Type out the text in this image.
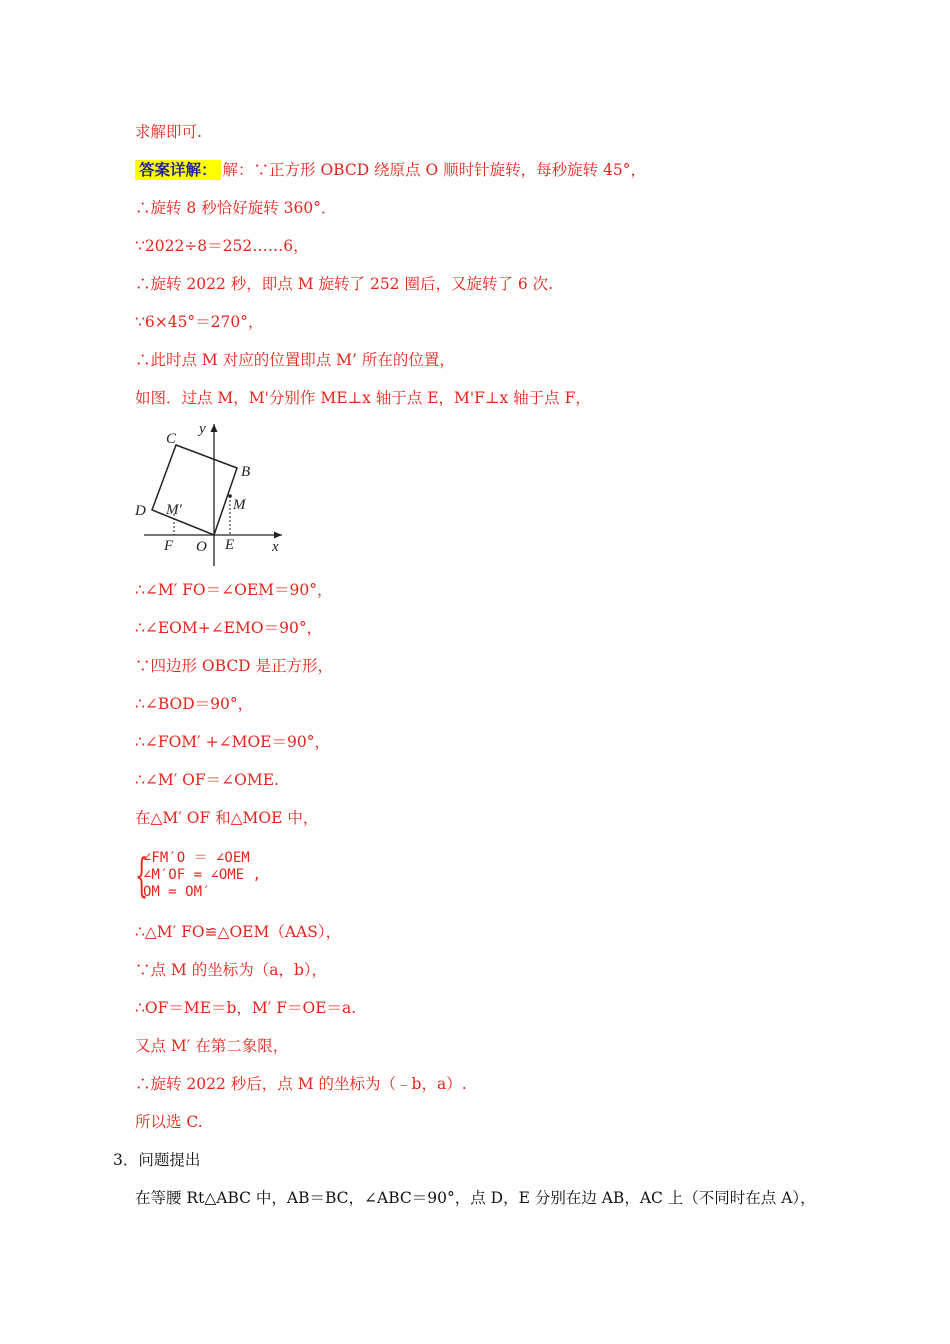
求解即可.
答案详解： 解：∵正方形 OBCD 绕原点 O 顺时针旋转，每秒旋转 45°，
∴旋转 8 秒恰好旋转 360°．
∵2022÷8＝252……6，
∴旋转 2022 秒，即点 M 旋转了 252 圈后，又旋转了 6 次.
∵6×45°＝270°，
∴此时点 M 对应的位置即点 M’ 所在的位置，
如图．过点 M，M'分别作 ME⊥x 轴于点 E，M'F⊥x 轴于点 F，
C
B
D	M
M′
F O E	x
y
∴∠M′ FO＝∠OEM＝90°，
∴∠EOM+∠EMO＝90°，
∵四边形 OBCD 是正方形，
∴∠BOD＝90°，
∴∠FOM′ +∠MOE＝90°，
∴∠M′ OF＝∠OME.
在△M′ OF 和△MOE 中，
{
∠FM′O ＝ ∠OEM
∠M′OF = ∠OME ,
OM = OM′
∴△M′ FO≌△OEM（AAS），
∵点 M 的坐标为（a，b），
∴OF＝ME＝b，M′ F＝OE＝a.
又点 M′ 在第二象限，
∴旋转 2022 秒后，点 M 的坐标为（﹣b，a）.
所以选 C.
3．问题提出
在等腰 Rt△ABC 中，AB＝BC，∠ABC＝90°，点 D，E 分别在边 AB，AC 上（不同时在点 A），
